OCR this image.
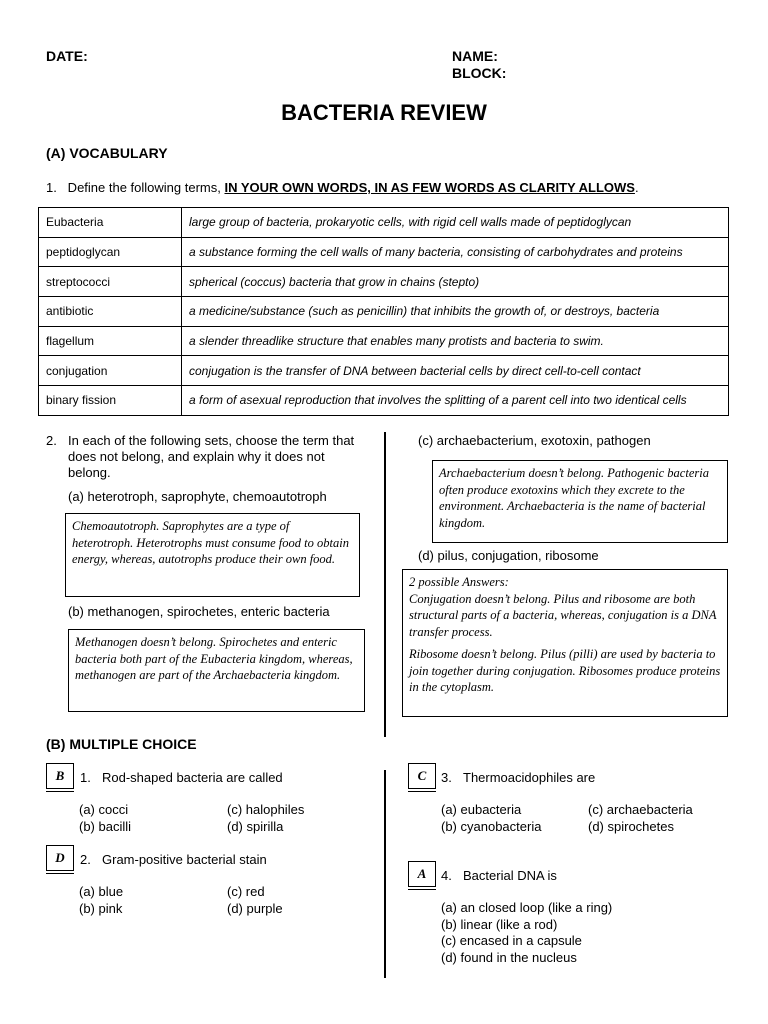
DATE:	NAME:
BLOCK:
BACTERIA REVIEW
(A) VOCABULARY
1.   Define the following terms, IN YOUR OWN WORDS, IN AS FEW WORDS AS CLARITY ALLOWS.
Eubacteria	large group of bacteria, prokaryotic cells, with rigid cell walls made of peptidoglycan
peptidoglycan	a substance forming the cell walls of many bacteria, consisting of carbohydrates and proteins
streptococci	spherical (coccus) bacteria that grow in chains (stepto)
antibiotic	a medicine/substance (such as penicillin) that inhibits the growth of, or destroys, bacteria
flagellum	a slender threadlike structure that enables many protists and bacteria to swim.
conjugation	conjugation is the transfer of DNA between bacterial cells by direct cell-to-cell contact
binary fission	a form of asexual reproduction that involves the splitting of a parent cell into two identical cells
2. In each of the following sets, choose the term that does not belong, and explain why it does not belong.
(a) heterotroph, saprophyte, chemoautotroph

Chemoautotroph. Saprophytes are a type of heterotroph. Heterotrophs must consume food to obtain energy, whereas, autotrophs produce their own food.

(b) methanogen, spirochetes, enteric bacteria

Methanogen doesn’t belong. Spirochetes and enteric bacteria both part of the Eubacteria kingdom, whereas, methanogen are part of the Archaebacteria kingdom.

(c) archaebacterium, exotoxin, pathogen

Archaebacterium doesn’t belong. Pathogenic bacteria often produce exotoxins which they excrete to the environment. Archaebacteria is the name of bacterial kingdom.

(d) pilus, conjugation, ribosome

2 possible Answers:

Conjugation doesn’t belong. Pilus and ribosome are both structural parts of a bacteria, whereas, conjugation is a DNA transfer process.

Ribosome doesn’t belong. Pilus (pilli) are used by bacteria to join together during conjugation. Ribosomes produce proteins in the cytoplasm.

(B) MULTIPLE CHOICE
B	1. Rod-shaped bacteria are called
(a) cocci
(b) bacilli
(c) halophiles
(d) spirilla
D	2. Gram-positive bacterial stain
(a) blue
(b) pink
(c) red
(d) purple
C	3. Thermoacidophiles are
(a) eubacteria
(b) cyanobacteria
(c) archaebacteria
(d) spirochetes
A	4. Bacterial DNA is
(a) an closed loop (like a ring)
(b) linear (like a rod)
(c) encased in a capsule
(d) found in the nucleus
